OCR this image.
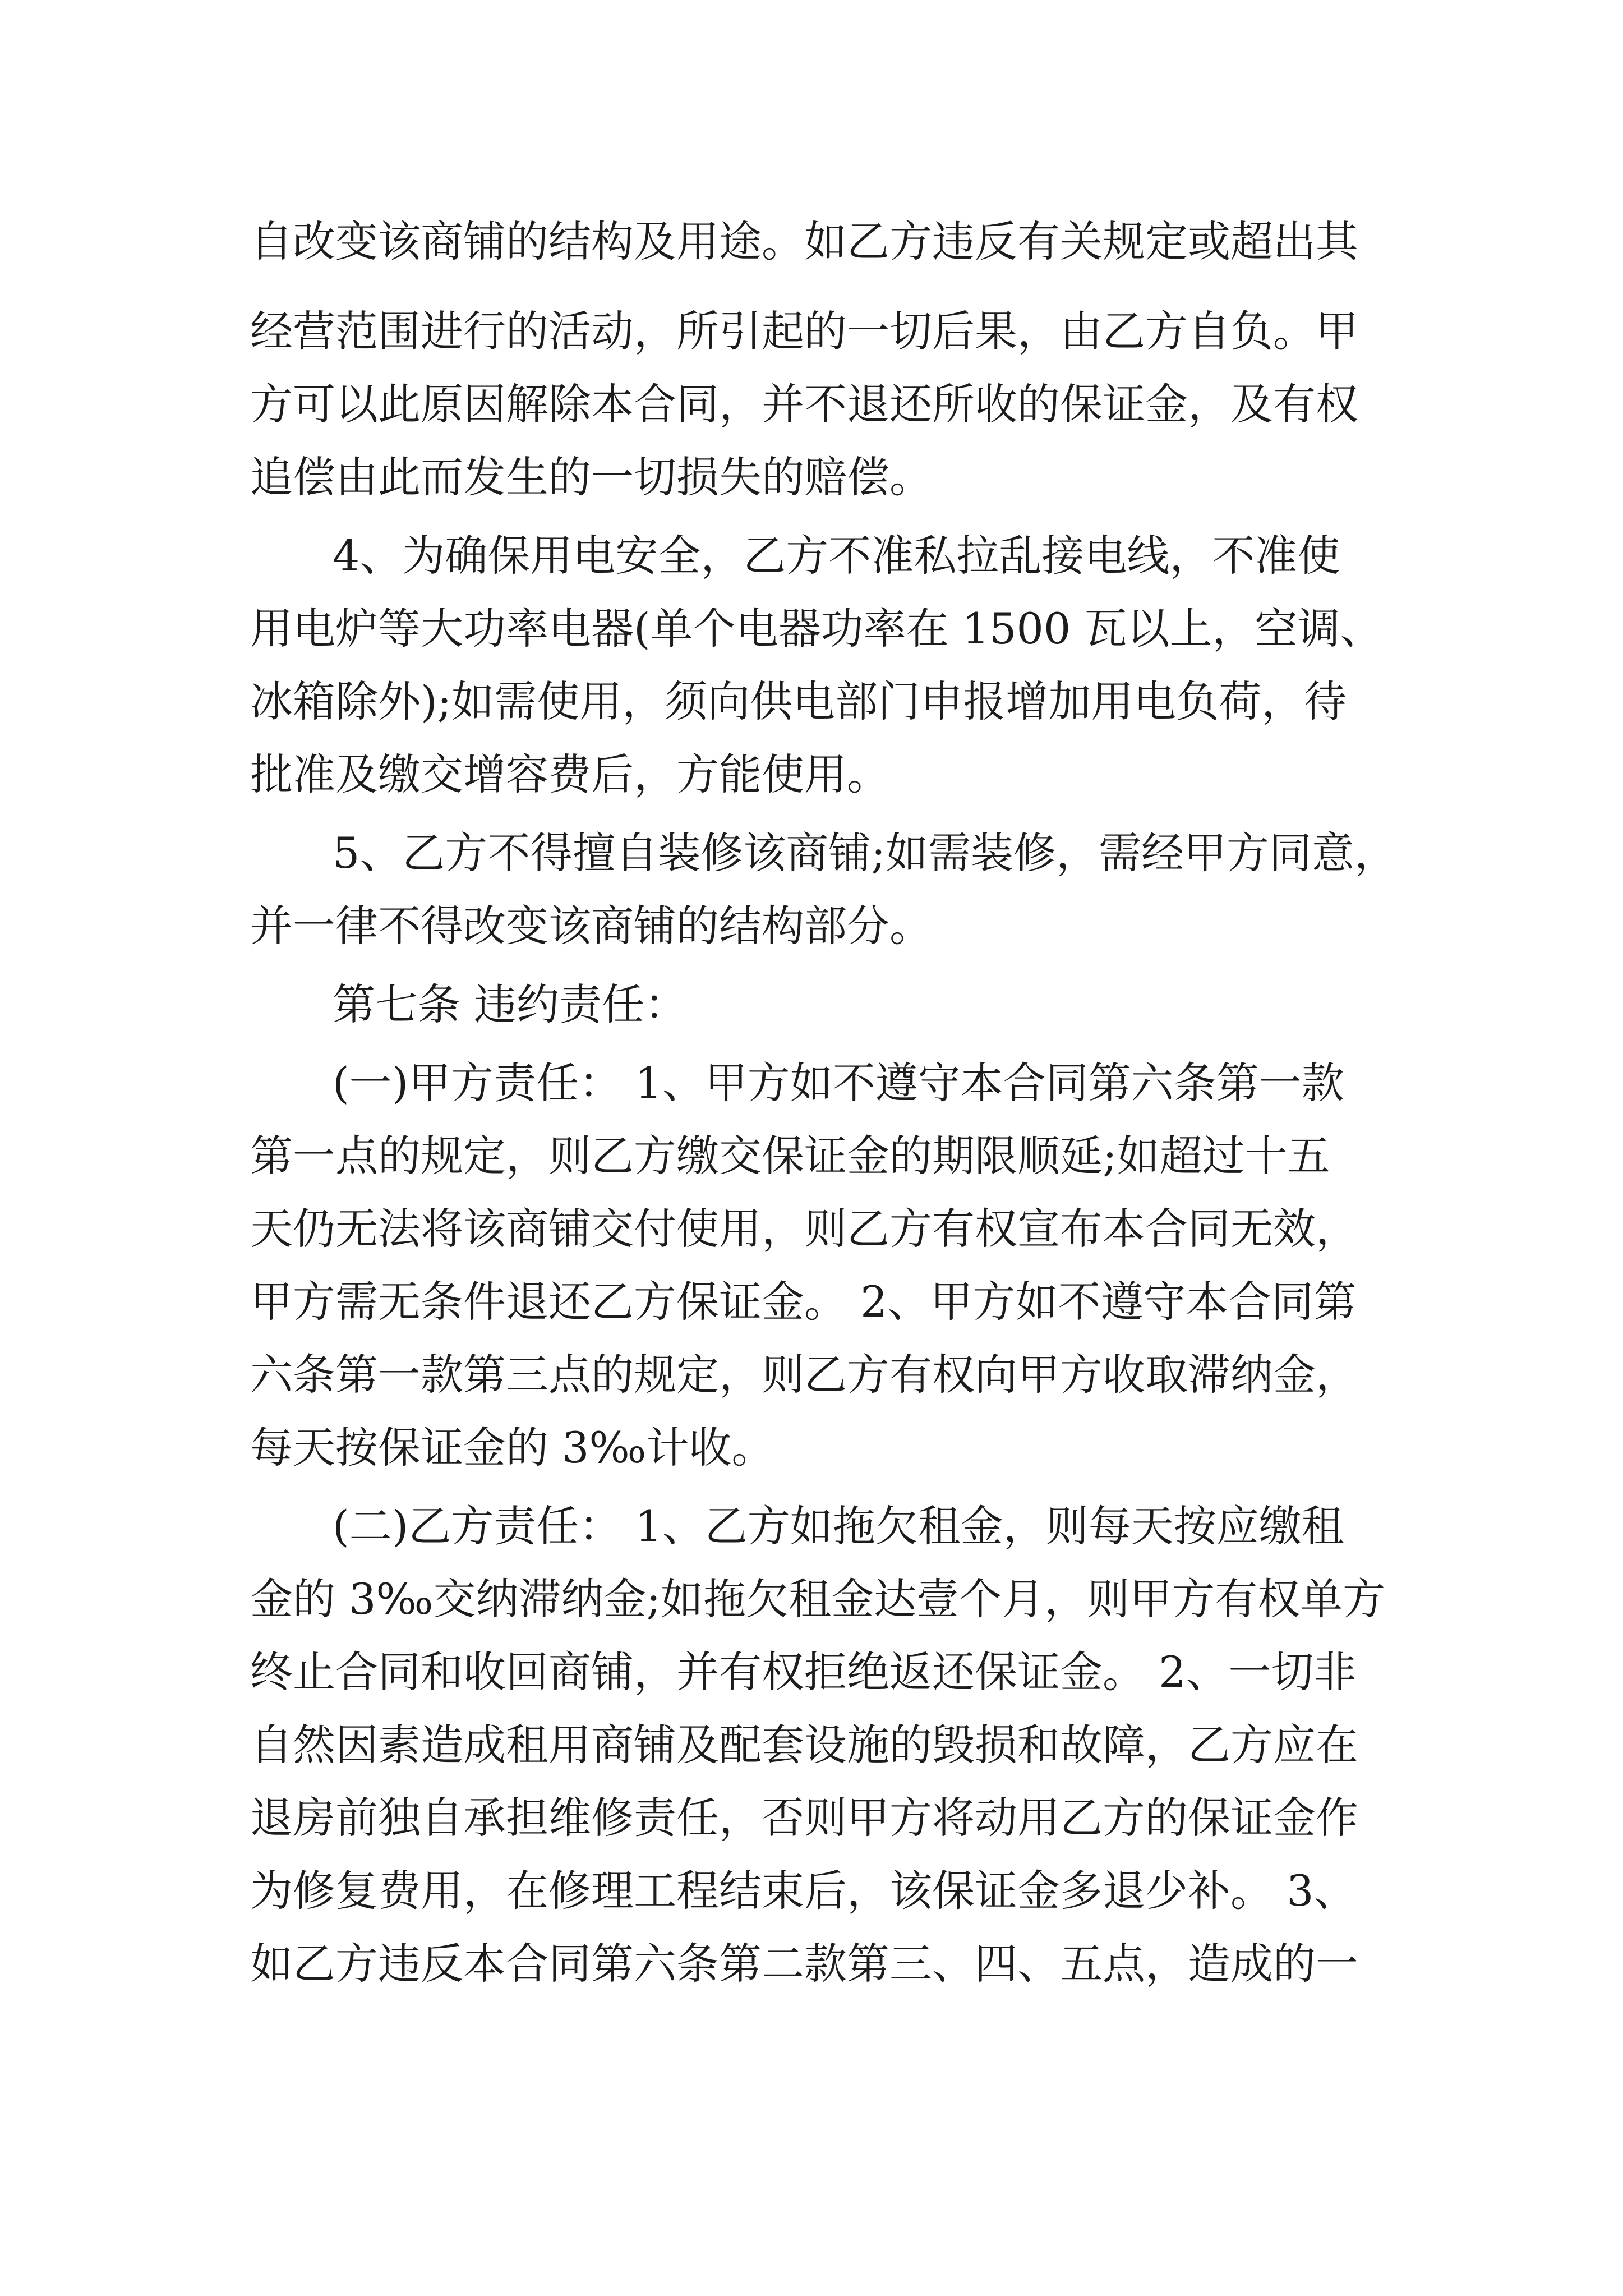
自改变该商铺的结构及用途。如乙方违反有关规定或超出其
经营范围进行的活动，所引起的一切后果，由乙方自负。甲
方可以此原因解除本合同，并不退还所收的保证金，及有权
追偿由此而发生的一切损失的赔偿。
4、为确保用电安全，乙方不准私拉乱接电线，不准使
用电炉等大功率电器(单个电器功率在 1500 瓦以上，空调、
冰箱除外);如需使用，须向供电部门申报增加用电负荷，待
批准及缴交增容费后，方能使用。
5、乙方不得擅自装修该商铺;如需装修，需经甲方同意，
并一律不得改变该商铺的结构部分。
第七条 违约责任：
(一)甲方责任： 1、甲方如不遵守本合同第六条第一款
第一点的规定，则乙方缴交保证金的期限顺延;如超过十五
天仍无法将该商铺交付使用，则乙方有权宣布本合同无效，
甲方需无条件退还乙方保证金。 2、甲方如不遵守本合同第
六条第一款第三点的规定，则乙方有权向甲方收取滞纳金，
每天按保证金的 3‰计收。
(二)乙方责任： 1、乙方如拖欠租金，则每天按应缴租
金的 3‰交纳滞纳金;如拖欠租金达壹个月，则甲方有权单方
终止合同和收回商铺，并有权拒绝返还保证金。 2、一切非
自然因素造成租用商铺及配套设施的毁损和故障，乙方应在
退房前独自承担维修责任，否则甲方将动用乙方的保证金作
为修复费用，在修理工程结束后，该保证金多退少补。 3、
如乙方违反本合同第六条第二款第三、四、五点，造成的一
